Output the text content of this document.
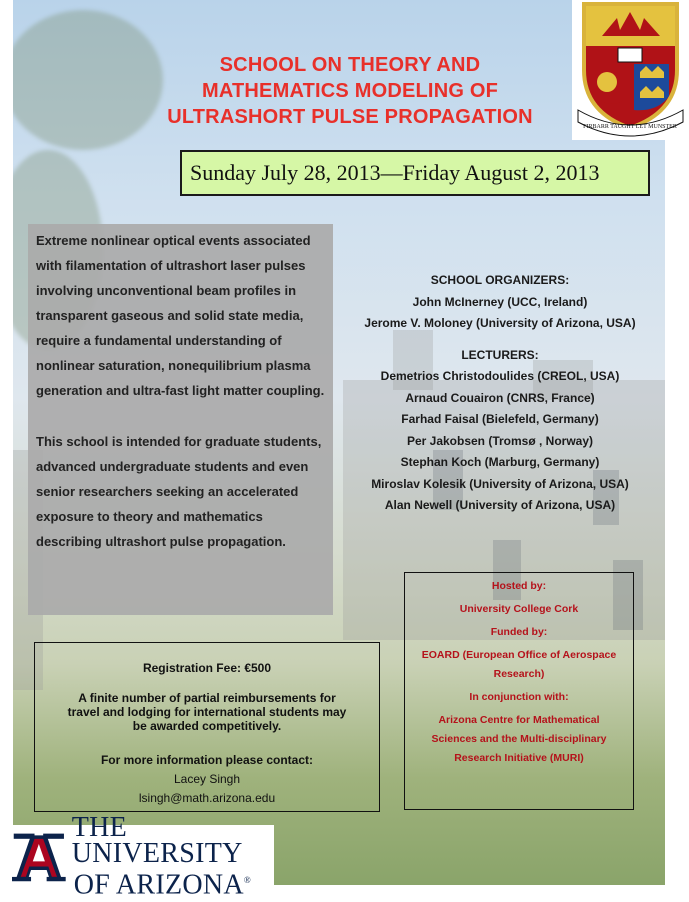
SCHOOL ON THEORY AND
MATHEMATICS MODELING OF
ULTRASHORT PULSE PROPAGATION	FIRBARR TAUGHT LET MUNSTER
Sunday July 28, 2013—Friday August 2, 2013

Extreme nonlinear optical events associated with filamentation of ultrashort laser pulses involving unconventional beam profiles in transparent gaseous and solid state media, require a fundamental understanding of nonlinear saturation, nonequilibrium plasma generation and ultra-fast light matter coupling.

This school is intended for graduate students, advanced undergraduate students and even senior researchers seeking an accelerated exposure to theory and mathematics describing ultrashort pulse propagation.

SCHOOL ORGANIZERS:
John McInerney (UCC, Ireland)
Jerome V. Moloney (University of Arizona, USA)
LECTURERS:
Demetrios Christodoulides (CREOL, USA)
Arnaud Couairon (CNRS, France)
Farhad Faisal (Bielefeld, Germany)
Per Jakobsen (Tromsø , Norway)
Stephan Koch (Marburg, Germany)
Miroslav Kolesik (University of Arizona, USA)
Alan Newell (University of Arizona, USA)
Hosted by:
University College Cork
Funded by:
EOARD (European Office of Aerospace Research)
In conjunction with:
Arizona Centre for Mathematical Sciences and the Multi-disciplinary Research Initiative (MURI)
Registration Fee: €500
A finite number of partial reimbursements for travel and lodging for international students may be awarded competitively.
For more information please contact:
Lacey Singh
lsingh@math.arizona.edu
THE UNIVERSITY
OF ARIZONA®
